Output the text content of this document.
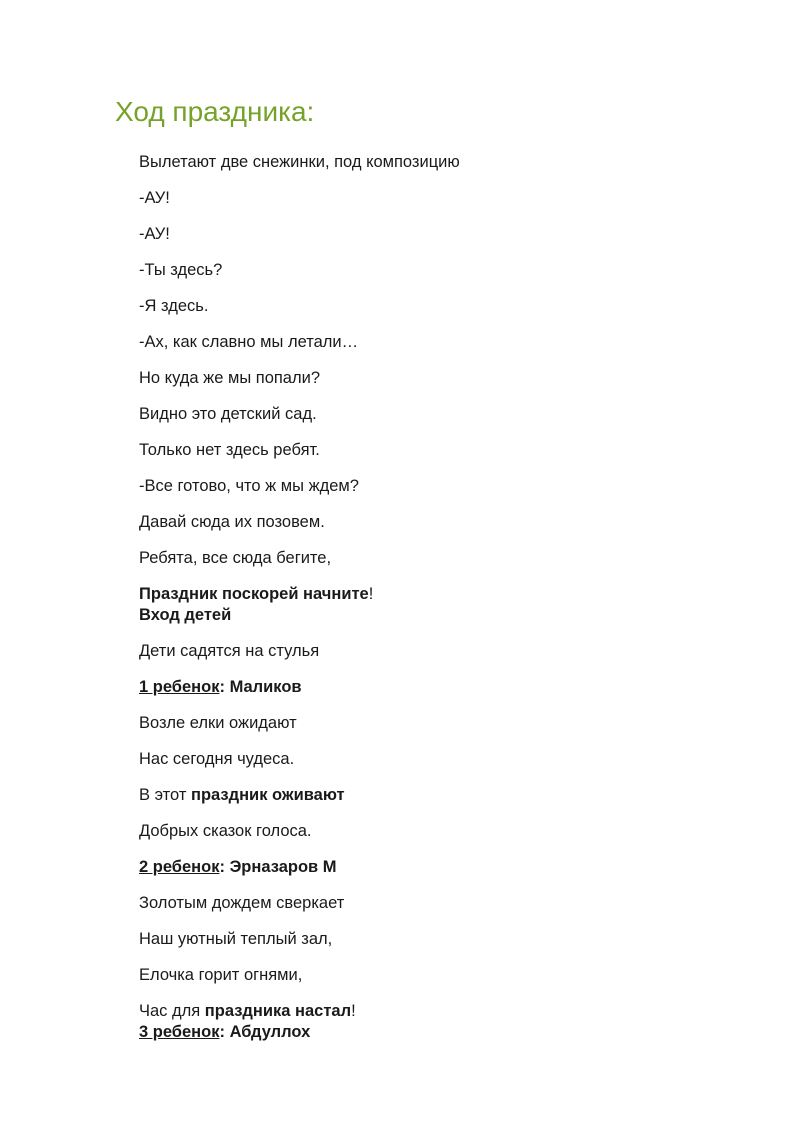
Ход праздника:
Вылетают две снежинки, под композицию
-АУ!
-АУ!
-Ты здесь?
-Я здесь.
-Ах, как славно мы летали…
Но куда же мы попали?
Видно это детский сад.
Только нет здесь ребят.
-Все готово, что ж мы ждем?
Давай сюда их позовем.
Ребята, все сюда бегите,
Праздник поскорей начните!
Вход детей
Дети садятся на стулья
1 ребенок: Маликов
Возле елки ожидают
Нас сегодня чудеса.
В этот праздник оживают
Добрых сказок голоса.
2 ребенок: Эрназаров М
Золотым дождем сверкает
Наш уютный теплый зал,
Елочка горит огнями,
Час для праздника настал!
3 ребенок: Абдуллох
